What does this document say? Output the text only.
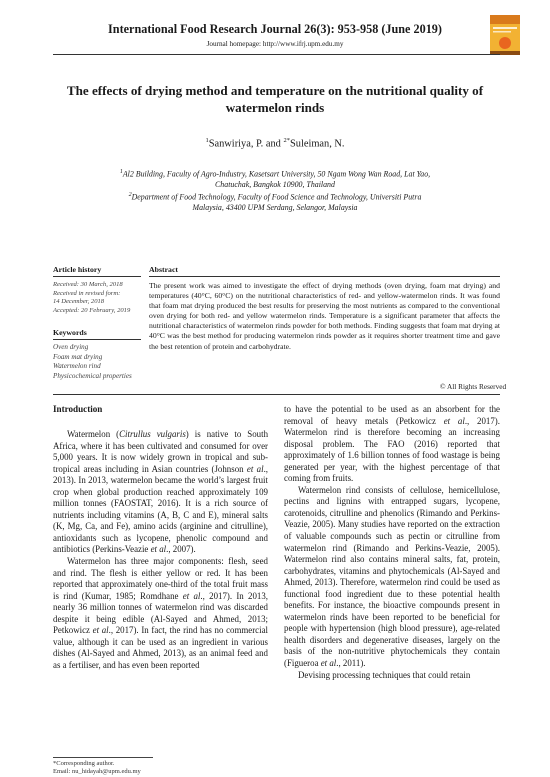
International Food Research Journal 26(3): 953-958 (June 2019)
Journal homepage: http://www.ifrj.upm.edu.my
The effects of drying method and temperature on the nutritional quality of watermelon rinds
$^1$Sanwiriya, P. and $^{2*}$Suleiman, N.
$^1$Al2 Building, Faculty of Agro-Industry, Kasetsart University, 50 Ngam Wong Wan Road, Lat Yao,
Chatuchak, Bangkok 10900, Thailand
$^2$Department of Food Technology, Faculty of Food Science and Technology, Universiti Putra
Malaysia, 43400 UPM Serdang, Selangor, Malaysia
Article history	Abstract
Received: 30 March, 2018
Received in revised form:
14 December, 2018
Accepted: 20 February, 2019
Keywords
Oven drying
Foam mat drying
Watermelon rind
Physicochemical properties
The present work was aimed to investigate the effect of drying methods (oven drying, foam mat drying) and temperatures (40°C, 60°C) on the nutritional characteristics of red- and yellow-watermelon rinds. It was found that foam mat drying produced the best results for preserving the most nutrients as compared to the conventional oven drying for both red- and yellow watermelon rinds. Temperature is a significant parameter that affects the nutritional characteristics of watermelon rinds powder for both methods. Finding suggests that foam mat drying at 40°C was the best method for producing watermelon rinds powder as it requires shorter treatment time and gave the best retention of protein and carbohydrate.
© All Rights Reserved
Introduction

Watermelon (Citrullus vulgaris) is native to South Africa, where it has been cultivated and consumed for over 5,000 years. It is now widely grown in tropical and sub-tropical areas including in Asian countries (Johnson et al., 2013). In 2013, watermelon became the world’s largest fruit crop when global production reached approximately 109 million tonnes (FAOSTAT, 2016). It is a rich source of nutrients including vitamins (A, B, C and E), mineral salts (K, Mg, Ca, and Fe), amino acids (arginine and citrulline), antioxidants such as lycopene, phenolic compound and antibiotics (Perkins-Veazie et al., 2007).

Watermelon has three major components: flesh, seed and rind. The flesh is either yellow or red. It has been reported that approximately one-third of the total fruit mass is rind (Kumar, 1985; Romdhane et al., 2017). In 2013, nearly 36 million tonnes of watermelon rind was discarded despite it being edible (Al-Sayed and Ahmed, 2013; Petkowicz et al., 2017). In fact, the rind has no commercial value, although it can be used as an ingredient in various dishes (Al-Sayed and Ahmed, 2013), as an animal feed and as a fertiliser, and has even been reported

to have the potential to be used as an absorbent for the removal of heavy metals (Petkowicz et al., 2017). Watermelon rind is therefore becoming an increasing disposal problem. The FAO (2016) reported that approximately of 1.6 billion tonnes of food wastage is being generated per year, with the highest percentage of that coming from fruits.

Watermelon rind consists of cellulose, hemicellulose, pectins and lignins with entrapped sugars, lycopene, carotenoids, citrulline and phenolics (Rimando and Perkins-Veazie, 2005). Many studies have reported on the extraction of valuable compounds such as pectin or citrulline from watermelon rind (Rimando and Perkins-Veazie, 2005). Watermelon rind also contains mineral salts, fat, protein, carbohydrates, vitamins and phytochemicals (Al-Sayed and Ahmed, 2013). Therefore, watermelon rind could be used as functional food ingredient due to these potential health benefits. For instance, the bioactive compounds present in watermelon rinds have been reported to be beneficial for people with hypertension (high blood pressure), age-related health disorders and degenerative diseases, largely on the basis of the non-nutritive phytochemicals they contain (Figueroa et al., 2011).

Devising processing techniques that could retain

*Corresponding author.
Email: nu_hidayah@upm.edu.my
